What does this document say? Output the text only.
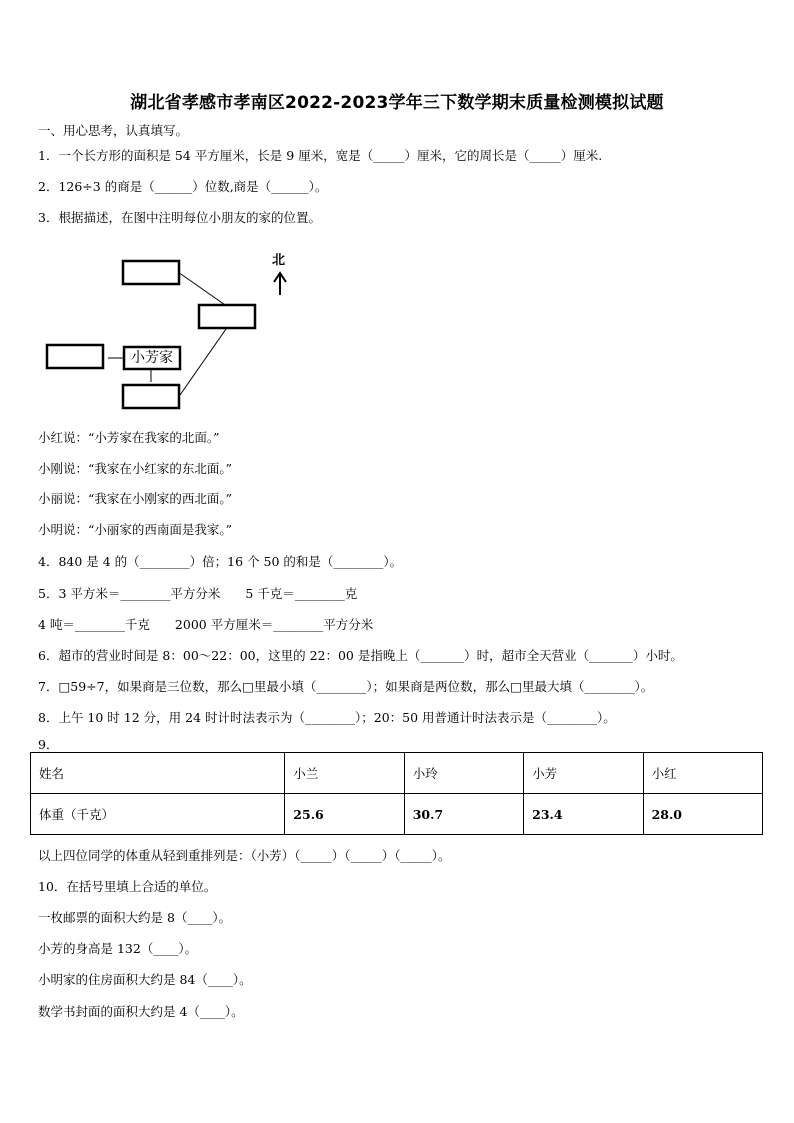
湖北省孝感市孝南区2022-2023学年三下数学期末质量检测模拟试题
一、用心思考，认真填写。
1．一个长方形的面积是 54 平方厘米，长是 9 厘米，宽是（_____）厘米，它的周长是（_____）厘米.
2．126÷3 的商是（______）位数,商是（______）。
3．根据描述，在图中注明每位小朋友的家的位置。
小芳家
北
小红说：“小芳家在我家的北面。”
小刚说：“我家在小红家的东北面。”
小丽说：“我家在小刚家的西北面。”
小明说：“小丽家的西南面是我家。”
4．840 是 4 的（________）倍；16 个 50 的和是（________）。
5．3 平方米＝________平方分米　　5 千克＝________克
4 吨＝________千克　　2000 平方厘米＝________平方分米
6．超市的营业时间是 8：00～22：00，这里的 22：00 是指晚上（_______）时，超市全天营业（_______）小时。
7．□59÷7，如果商是三位数，那么□里最小填（________）；如果商是两位数，那么□里最大填（________）。
8．上午 10 时 12 分，用 24 时计时法表示为（________）；20：50 用普通计时法表示是（________）。
9．
姓名	小兰	小玲	小芳	小红
体重（千克）	25.6	30.7	23.4	28.0
以上四位同学的体重从轻到重排列是：（小芳）（_____）（_____）（_____）。
10．在括号里填上合适的单位。
一枚邮票的面积大约是 8（____）。
小芳的身高是 132（____）。
小明家的住房面积大约是 84（____）。
数学书封面的面积大约是 4（____）。
